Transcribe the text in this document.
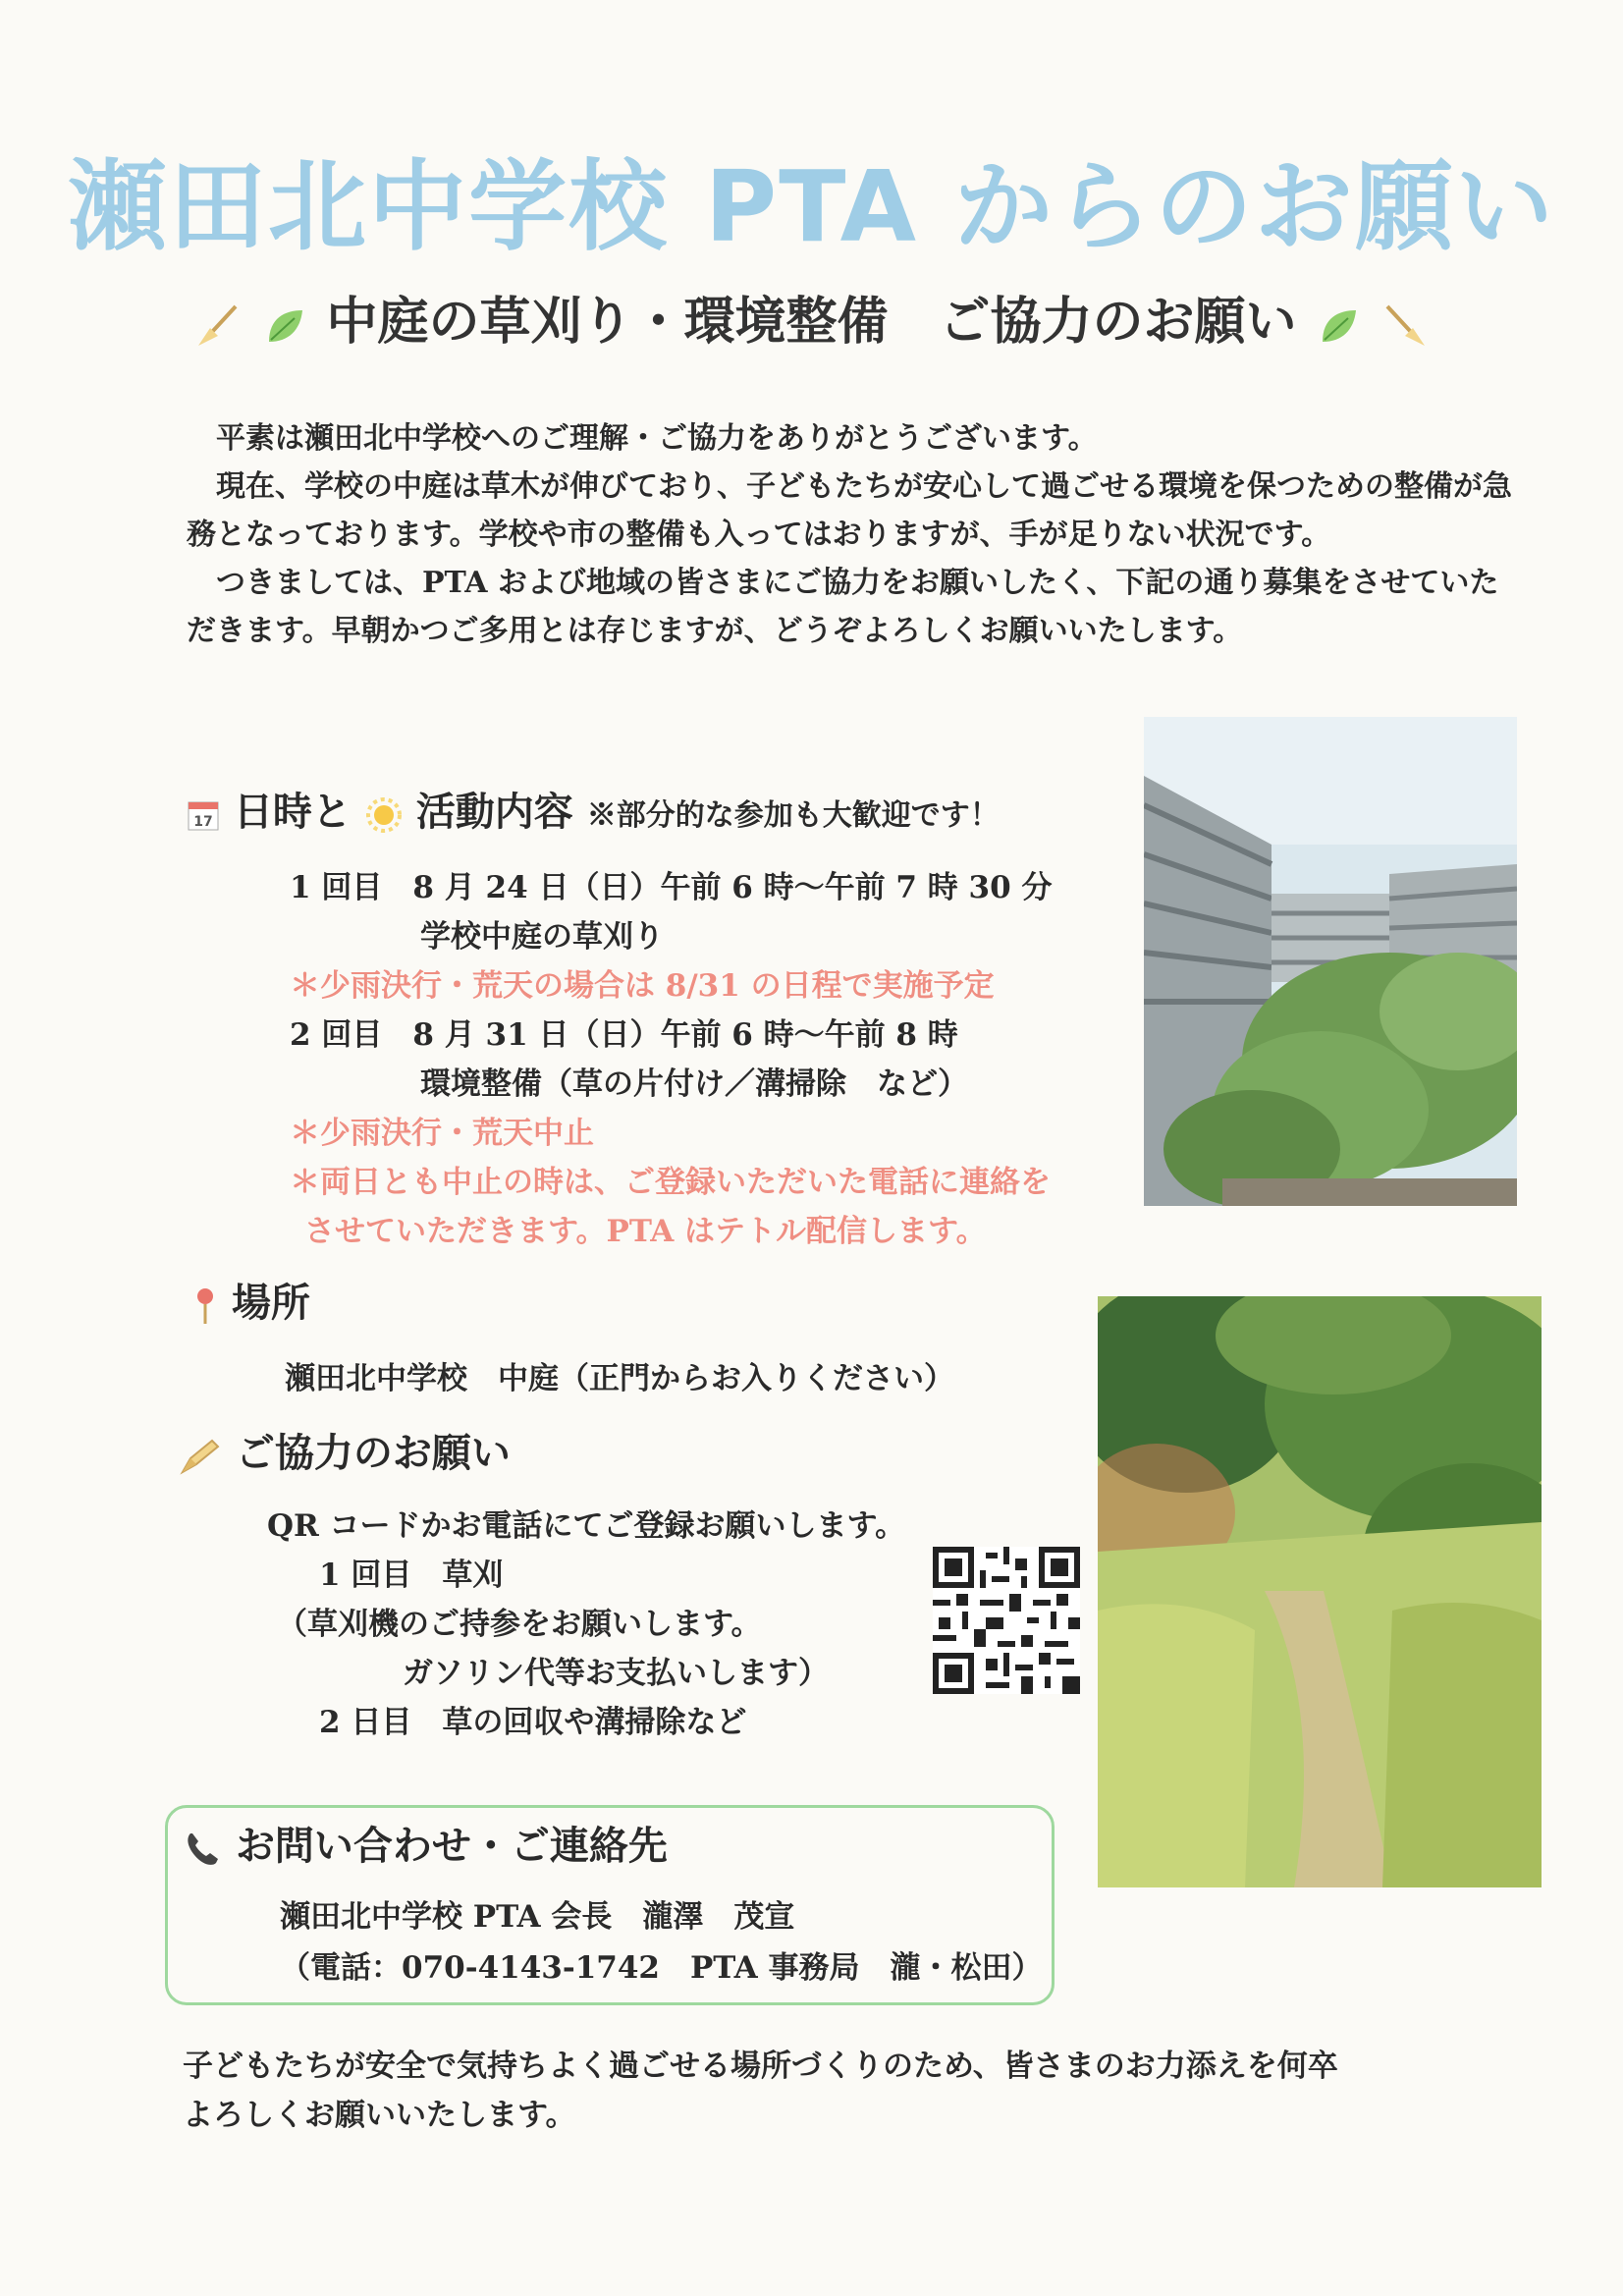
瀬田北中学校 PTA からのお願い
中庭の草刈り・環境整備　ご協力のお願い

平素は瀬田北中学校へのご理解・ご協力をありがとうございます。

現在、学校の中庭は草木が伸びており、子どもたちが安心して過ごせる環境を保つための整備が急務となっております。学校や市の整備も入ってはおりますが、手が足りない状況です。

つきましては、PTA および地域の皆さまにご協力をお願いしたく、下記の通り募集をさせていただきます。早朝かつご多用とは存じますが、どうぞよろしくお願いいたします。

17 日時と 活動内容 ※部分的な参加も大歓迎です！
1 回目　8 月 24 日（日）午前 6 時〜午前 7 時 30 分
学校中庭の草刈り
＊少雨決行・荒天の場合は 8/31 の日程で実施予定
2 回目　8 月 31 日（日）午前 6 時〜午前 8 時
環境整備（草の片付け／溝掃除　など）
＊少雨決行・荒天中止
＊両日とも中止の時は、ご登録いただいた電話に連絡を
させていただきます。PTA はテトル配信します。
場所
瀬田北中学校　中庭（正門からお入りください）
ご協力のお願い
QR コードかお電話にてご登録お願いします。
1 回目　草刈
（草刈機のご持参をお願いします。
ガソリン代等お支払いします）
2 日目　草の回収や溝掃除など
お問い合わせ・ご連絡先
瀬田北中学校 PTA 会長　瀧澤　茂宣
（電話：070-4143-1742　PTA 事務局　瀧・松田）
子どもたちが安全で気持ちよく過ごせる場所づくりのため、皆さまのお力添えを何卒
よろしくお願いいたします。
